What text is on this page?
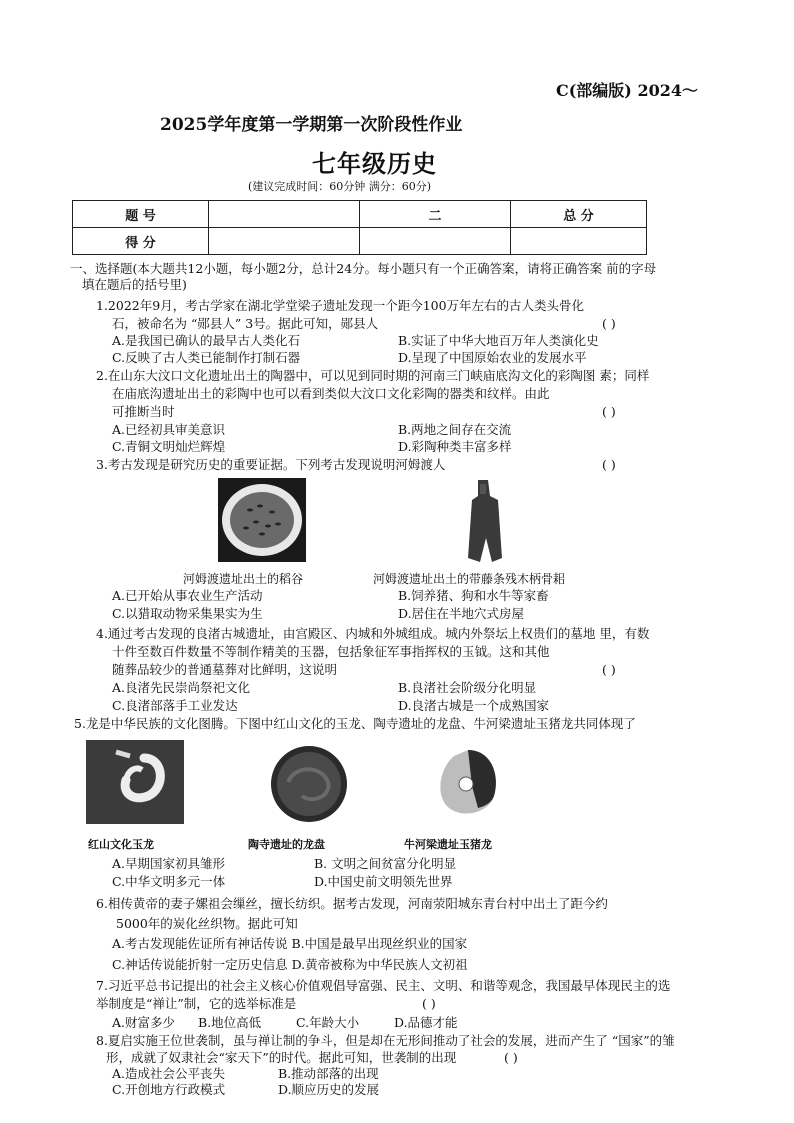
C(部编版) 2024～
2025学年度第一学期第一次阶段性作业
七年级历史
(建议完成时间：60分钟 满分：60分)
题 号		二	总 分
得 分			
一、选择题(本大题共12小题，每小题2分，总计24分。每小题只有一个正确答案，请将正确答案 前的字母
填在题后的括号里)
1.2022年9月，考古学家在湖北学堂梁子遗址发现一个距今100万年左右的古人类头骨化
石，被命名为 “郧县人” 3号。据此可知，郧县人	( )
A.是我国已确认的最早古人类化石	B.实证了中华大地百万年人类演化史
C.反映了古人类已能制作打制石器	D.呈现了中国原始农业的发展水平
2.在山东大汶口文化遗址出土的陶器中，可以见到同时期的河南三门峡庙底沟文化的彩陶图 素；同样
在庙底沟遗址出土的彩陶中也可以看到类似大汶口文化彩陶的器类和纹样。由此
可推断当时	( )
A.已经初具审美意识	B.两地之间存在交流
C.青铜文明灿烂辉煌	D.彩陶种类丰富多样
3.考古发现是研究历史的重要证据。下列考古发现说明河姆渡人	( )
河姆渡遗址出土的稻谷	河姆渡遗址出土的带藤条残木柄骨耜
A.已开始从事农业生产活动	B.饲养猪、狗和水牛等家畜
C.以猎取动物采集果实为生	D.居住在半地穴式房屋
4.通过考古发现的良渚古城遗址，由宫殿区、内城和外城组成。城内外祭坛上权贵们的墓地 里，有数
十件至数百件数量不等制作精美的玉器，包括象征军事指挥权的玉钺。这和其他
随葬品较少的普通墓葬对比鲜明，这说明	( )
A.良渚先民崇尚祭祀文化	B.良渚社会阶级分化明显
C.良渚部落手工业发达	D.良渚古城是一个成熟国家
5.龙是中华民族的文化图腾。下图中红山文化的玉龙、陶寺遗址的龙盘、牛河梁遗址玉猪龙共同体现了
红山文化玉龙	陶寺遗址的龙盘	牛河梁遗址玉猪龙
A.早期国家初具雏形	B. 文明之间贫富分化明显
C.中华文明多元一体	D.中国史前文明领先世界
6.相传黄帝的妻子嫘祖会缫丝，擅长纺织。据考古发现，河南荥阳城东青台村中出土了距今约
5000年的炭化丝织物。据此可知
A.考古发现能佐证所有神话传说 B.中国是最早出现丝织业的国家
C.神话传说能折射一定历史信息 D.黄帝被称为中华民族人文初祖
7.习近平总书记提出的社会主义核心价值观倡导富强、民主、文明、和谐等观念，我国最早体现民主的选
举制度是“禅让”制，它的选举标准是	( )
A.财富多少 B.地位高低	C.年龄大小	D.品德才能
8.夏启实施王位世袭制，虽与禅让制的争斗，但是却在无形间推动了社会的发展，进而产生了 “国家”的雏
形，成就了奴隶社会“家天下”的时代。据此可知，世袭制的出现	( )
A.造成社会公平丧失	B.推动部落的出现
C.开创地方行政模式	D.顺应历史的发展
